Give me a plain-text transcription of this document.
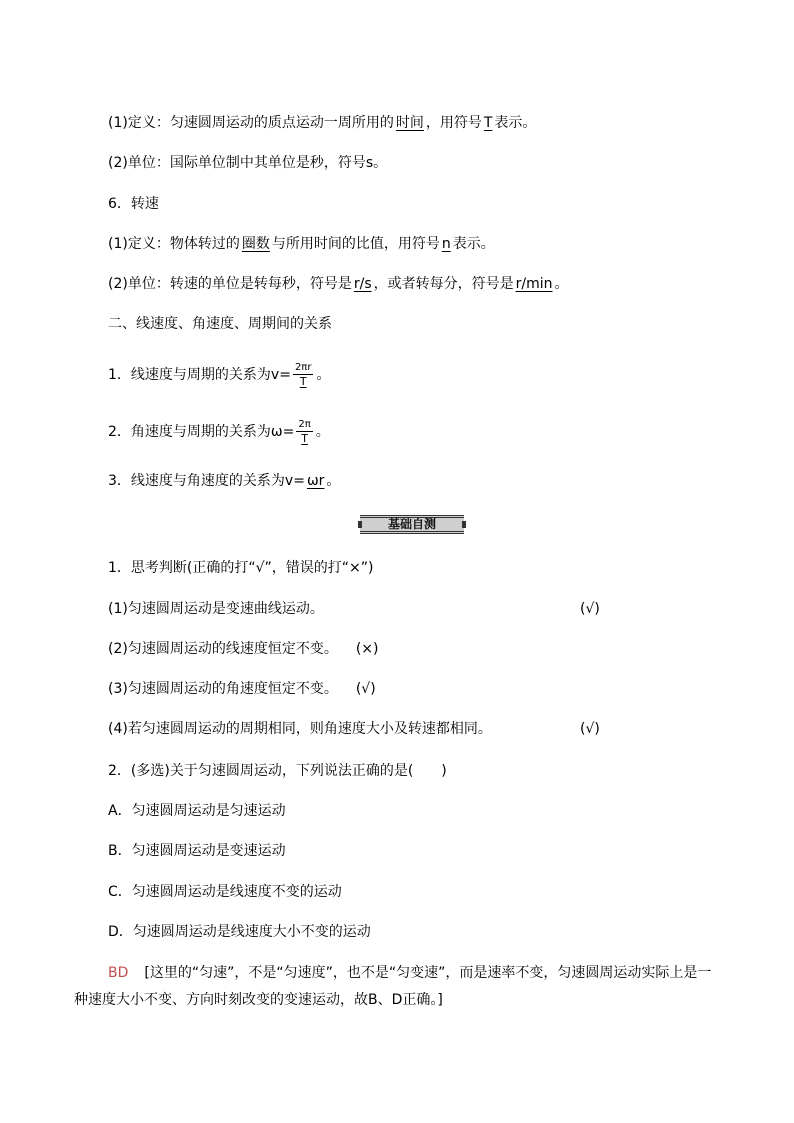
(1)定义：匀速圆周运动的质点运动一周所用的 时间 ，用符号 T 表示。
(2)单位：国际单位制中其单位是秒，符号s。
6．转速
(1)定义：物体转过的 圈数 与所用时间的比值，用符号 n 表示。
(2)单位：转速的单位是转每秒，符号是 r/s ，或者转每分，符号是 r/min 。
二、线速度、角速度、周期间的关系
1．线速度与周期的关系为$v= \frac{2\pi r}{T}$ 。
2．角速度与周期的关系为$\omega= \frac{2\pi}{T}$ 。
3．线速度与角速度的关系为v= ωr 。
基础自测
1．思考判断(正确的打“√”，错误的打“×”)
(1)匀速圆周运动是变速曲线运动。	(√)
(2)匀速圆周运动的线速度恒定不变。 (×)
(3)匀速圆周运动的角速度恒定不变。 (√)
(4)若匀速圆周运动的周期相同，则角速度大小及转速都相同。	(√)
2．(多选)关于匀速圆周运动，下列说法正确的是(　　)
A．匀速圆周运动是匀速运动
B．匀速圆周运动是变速运动
C．匀速圆周运动是线速度不变的运动
D．匀速圆周运动是线速度大小不变的运动
BD [这里的“匀速”，不是“匀速度”，也不是“匀变速”，而是速率不变，匀速圆周运动实际上是一
种速度大小不变、方向时刻改变的变速运动，故B、D正确。]
